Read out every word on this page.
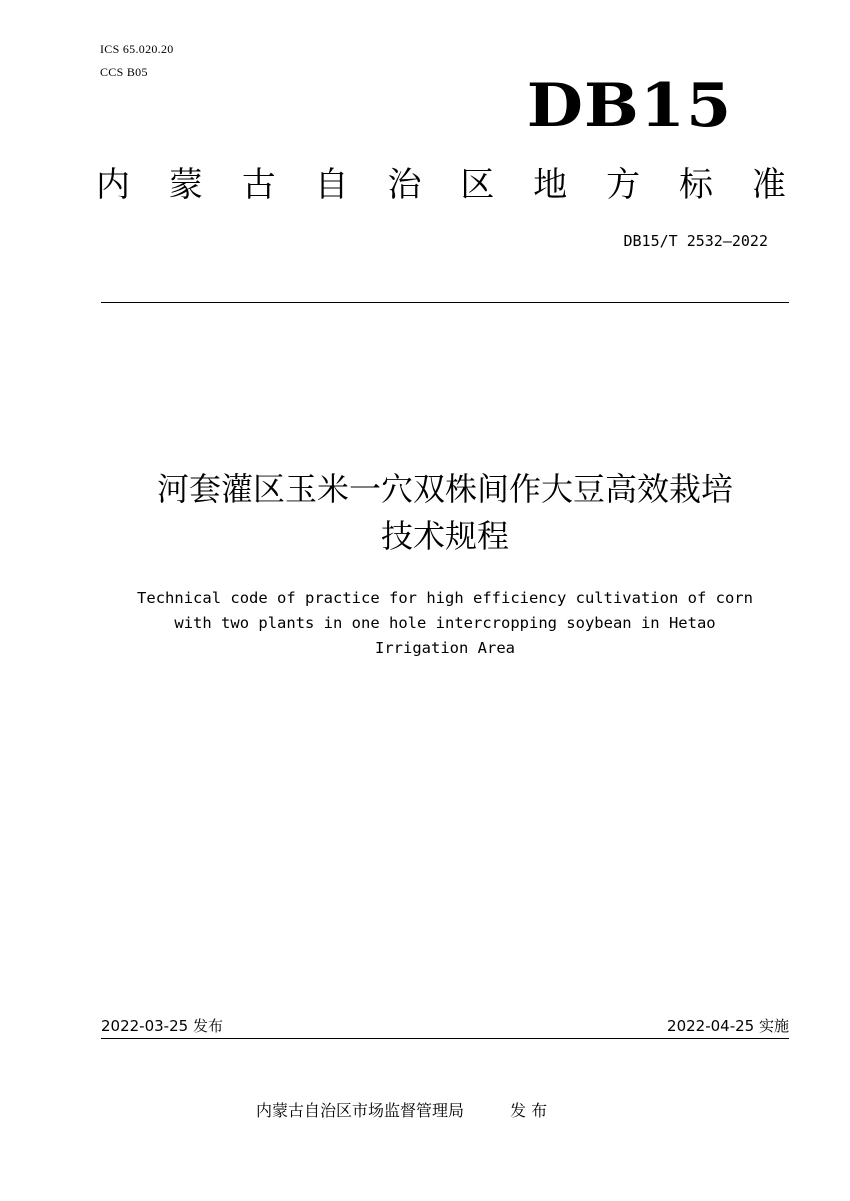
ICS 65.020.20
CCS B05	DB15
内 蒙 古 自 治 区 地 方 标 准
DB15/T 2532—2022
河套灌区玉米一穴双株间作大豆高效栽培
技术规程
Technical code of practice for high efficiency cultivation of corn
with two plants in one hole intercropping soybean in Hetao
Irrigation Area
2022-03-25 发布	2022-04-25 实施
内蒙古自治区市场监督管理局	发 布
